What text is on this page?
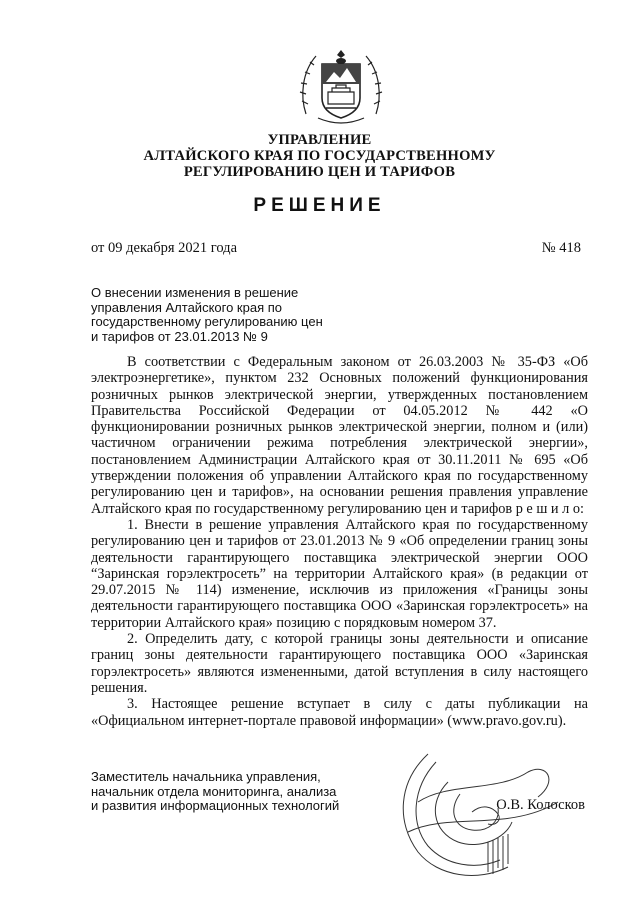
УПРАВЛЕНИЕ
АЛТАЙСКОГО КРАЯ ПО ГОСУДАРСТВЕННОМУ
РЕГУЛИРОВАНИЮ ЦЕН И ТАРИФОВ
РЕШЕНИЕ
от 09 декабря 2021 года	№ 418
О внесении изменения в решение
управления Алтайского края по
государственному регулированию цен
и тарифов от 23.01.2013 № 9

В соответствии с Федеральным законом от 26.03.2003 № 35-ФЗ «Об электроэнергетике», пунктом 232 Основных положений функционирования розничных рынков электрической энергии, утвержденных постановлением Правительства Российской Федерации от 04.05.2012 № 442 «О функционировании розничных рынков электрической энергии, полном и (или) частичном ограничении режима потребления электрической энергии», постановлением Администрации Алтайского края от 30.11.2011 № 695 «Об утверждении положения об управлении Алтайского края по государственному регулированию цен и тарифов», на основании решения правления управление Алтайского края по государственному регулированию цен и тарифов р е ш и л о:

1. Внести в решение управления Алтайского края по государственному регулированию цен и тарифов от 23.01.2013 № 9 «Об определении границ зоны деятельности гарантирующего поставщика электрической энергии ООО “Заринская горэлектросеть” на территории Алтайского края» (в редакции от 29.07.2015 № 114) изменение, исключив из приложения «Границы зоны деятельности гарантирующего поставщика ООО «Заринская горэлектросеть» на территории Алтайского края» позицию с порядковым номером 37.

2. Определить дату, с которой границы зоны деятельности и описание границ зоны деятельности гарантирующего поставщика ООО «Заринская горэлектросеть» являются измененными, датой вступления в силу настоящего решения.

3. Настоящее решение вступает в силу с даты публикации на «Официальном интернет-портале правовой информации» (www.pravo.gov.ru).

Заместитель начальника управления,
начальник отдела мониторинга, анализа
и развития информационных технологий	О.В. Колосков
